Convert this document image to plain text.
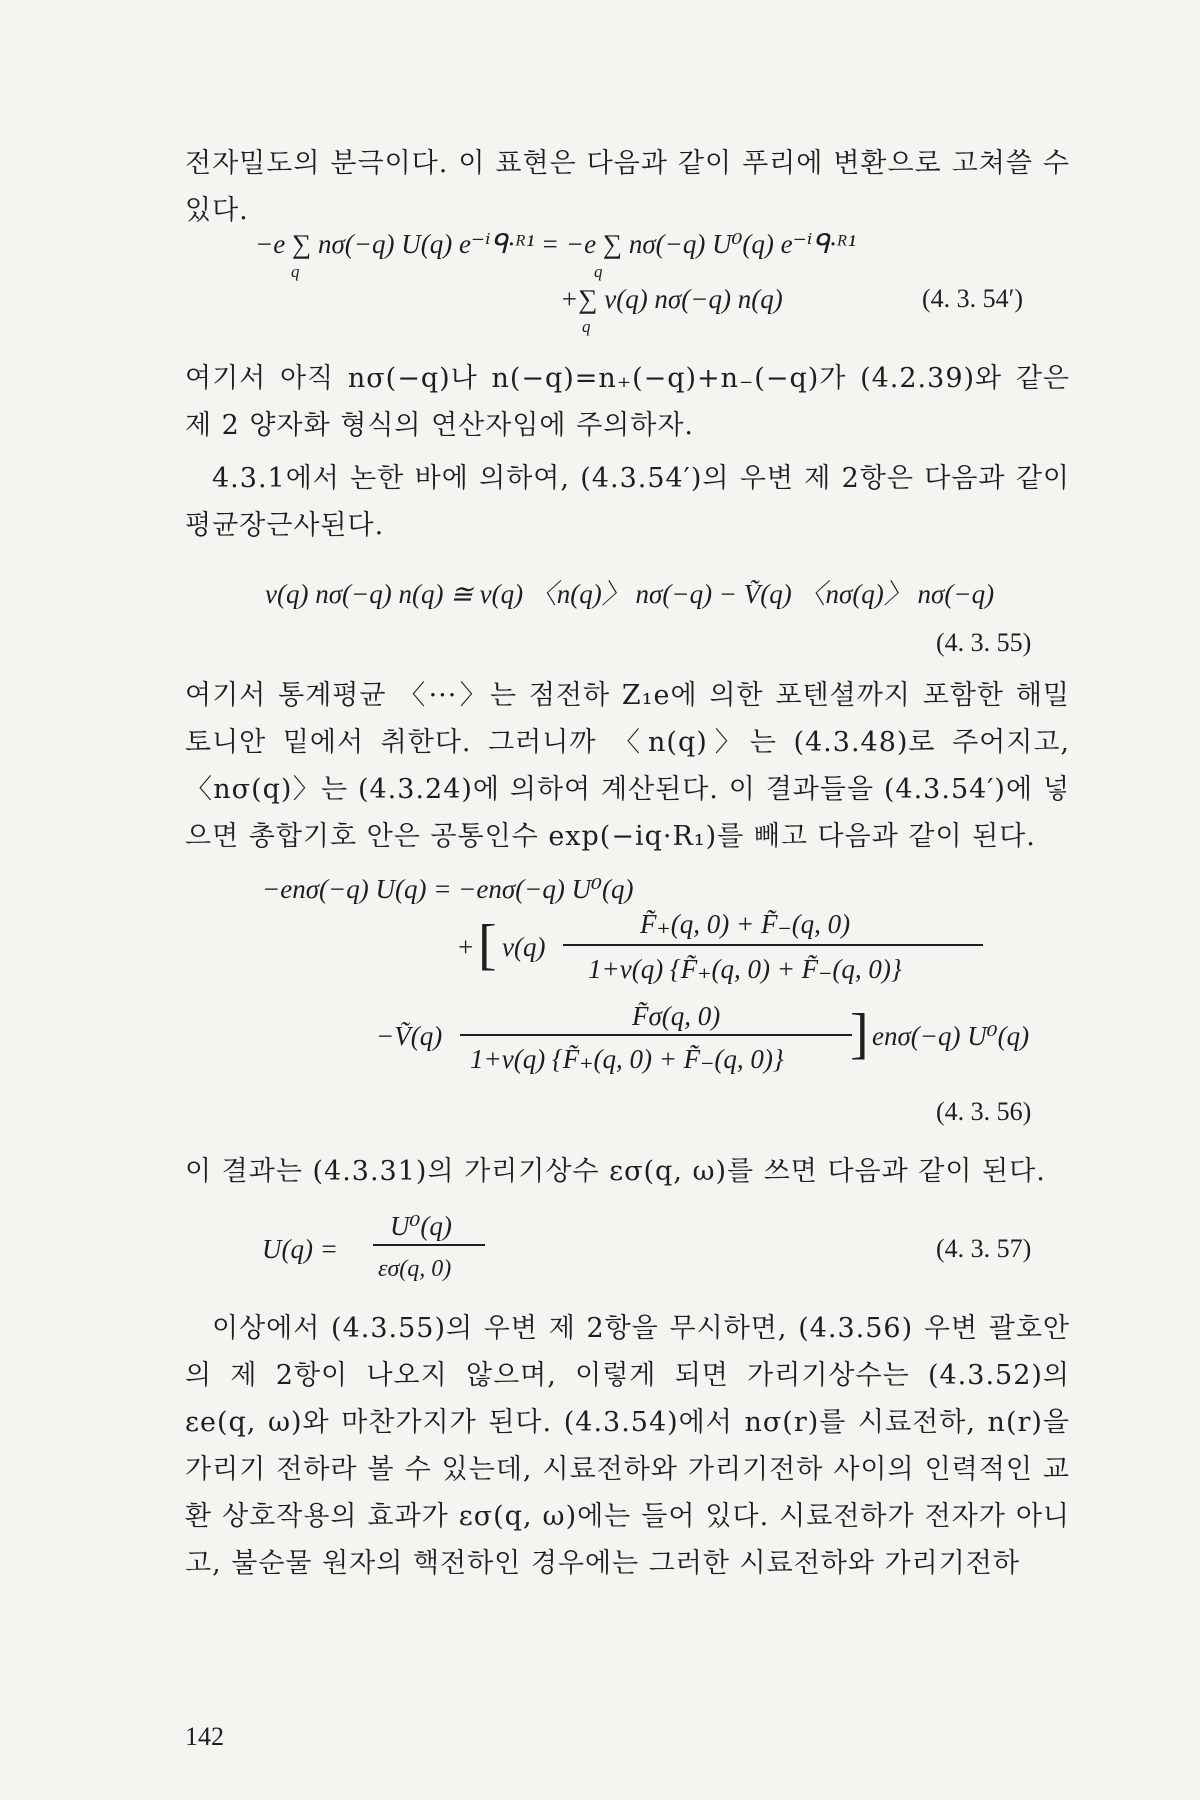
전자밀도의 분극이다. 이 표현은 다음과 같이 푸리에 변환으로 고쳐쓸 수 있다.
−e ∑ nσ(−q) U(q) e⁻ⁱᑫ·ᴿ¹ = −e ∑ nσ(−q) U⁰(q) e⁻ⁱᑫ·ᴿ¹
q	q
+∑ v(q) nσ(−q) n(q)
q
(4. 3. 54′)
여기서 아직 nσ(−q)나 n(−q)=n₊(−q)+n₋(−q)가 (4.2.39)와 같은 제 2 양자화 형식의 연산자임에 주의하자.
4.3.1에서 논한 바에 의하여, (4.3.54′)의 우변 제 2항은 다음과 같이 평균장근사된다.
v(q) nσ(−q) n(q) ≅ v(q) 〈n(q)〉 nσ(−q) − Ṽ(q) 〈nσ(q)〉 nσ(−q)
(4. 3. 55)
여기서 통계평균 〈···〉는 점전하 Z₁e에 의한 포텐셜까지 포함한 해밀토니안 밑에서 취한다. 그러니까 〈n(q)〉는 (4.3.48)로 주어지고, 〈nσ(q)〉는 (4.3.24)에 의하여 계산된다. 이 결과들을 (4.3.54′)에 넣으면 총합기호 안은 공통인수 exp(−iq·R₁)를 빼고 다음과 같이 된다.
−enσ(−q) U(q) = −enσ(−q) U⁰(q)
[
+ v(q)
F̃₊(q, 0) + F̃₋(q, 0)
1+v(q) {F̃₊(q, 0) + F̃₋(q, 0)}
−Ṽ(q)
F̃σ(q, 0)
1+v(q) {F̃₊(q, 0) + F̃₋(q, 0)} ] enσ(−q) U⁰(q)
(4. 3. 56)
이 결과는 (4.3.31)의 가리기상수 εσ(q, ω)를 쓰면 다음과 같이 된다.
U(q) =
U⁰(q)
εσ(q, 0)
(4. 3. 57)
이상에서 (4.3.55)의 우변 제 2항을 무시하면, (4.3.56) 우변 괄호안의 제 2항이 나오지 않으며, 이렇게 되면 가리기상수는 (4.3.52)의 εe(q, ω)와 마찬가지가 된다. (4.3.54)에서 nσ(r)를 시료전하, n(r)을 가리기 전하라 볼 수 있는데, 시료전하와 가리기전하 사이의 인력적인 교환 상호작용의 효과가 εσ(q, ω)에는 들어 있다. 시료전하가 전자가 아니고, 불순물 원자의 핵전하인 경우에는 그러한 시료전하와 가리기전하
142
